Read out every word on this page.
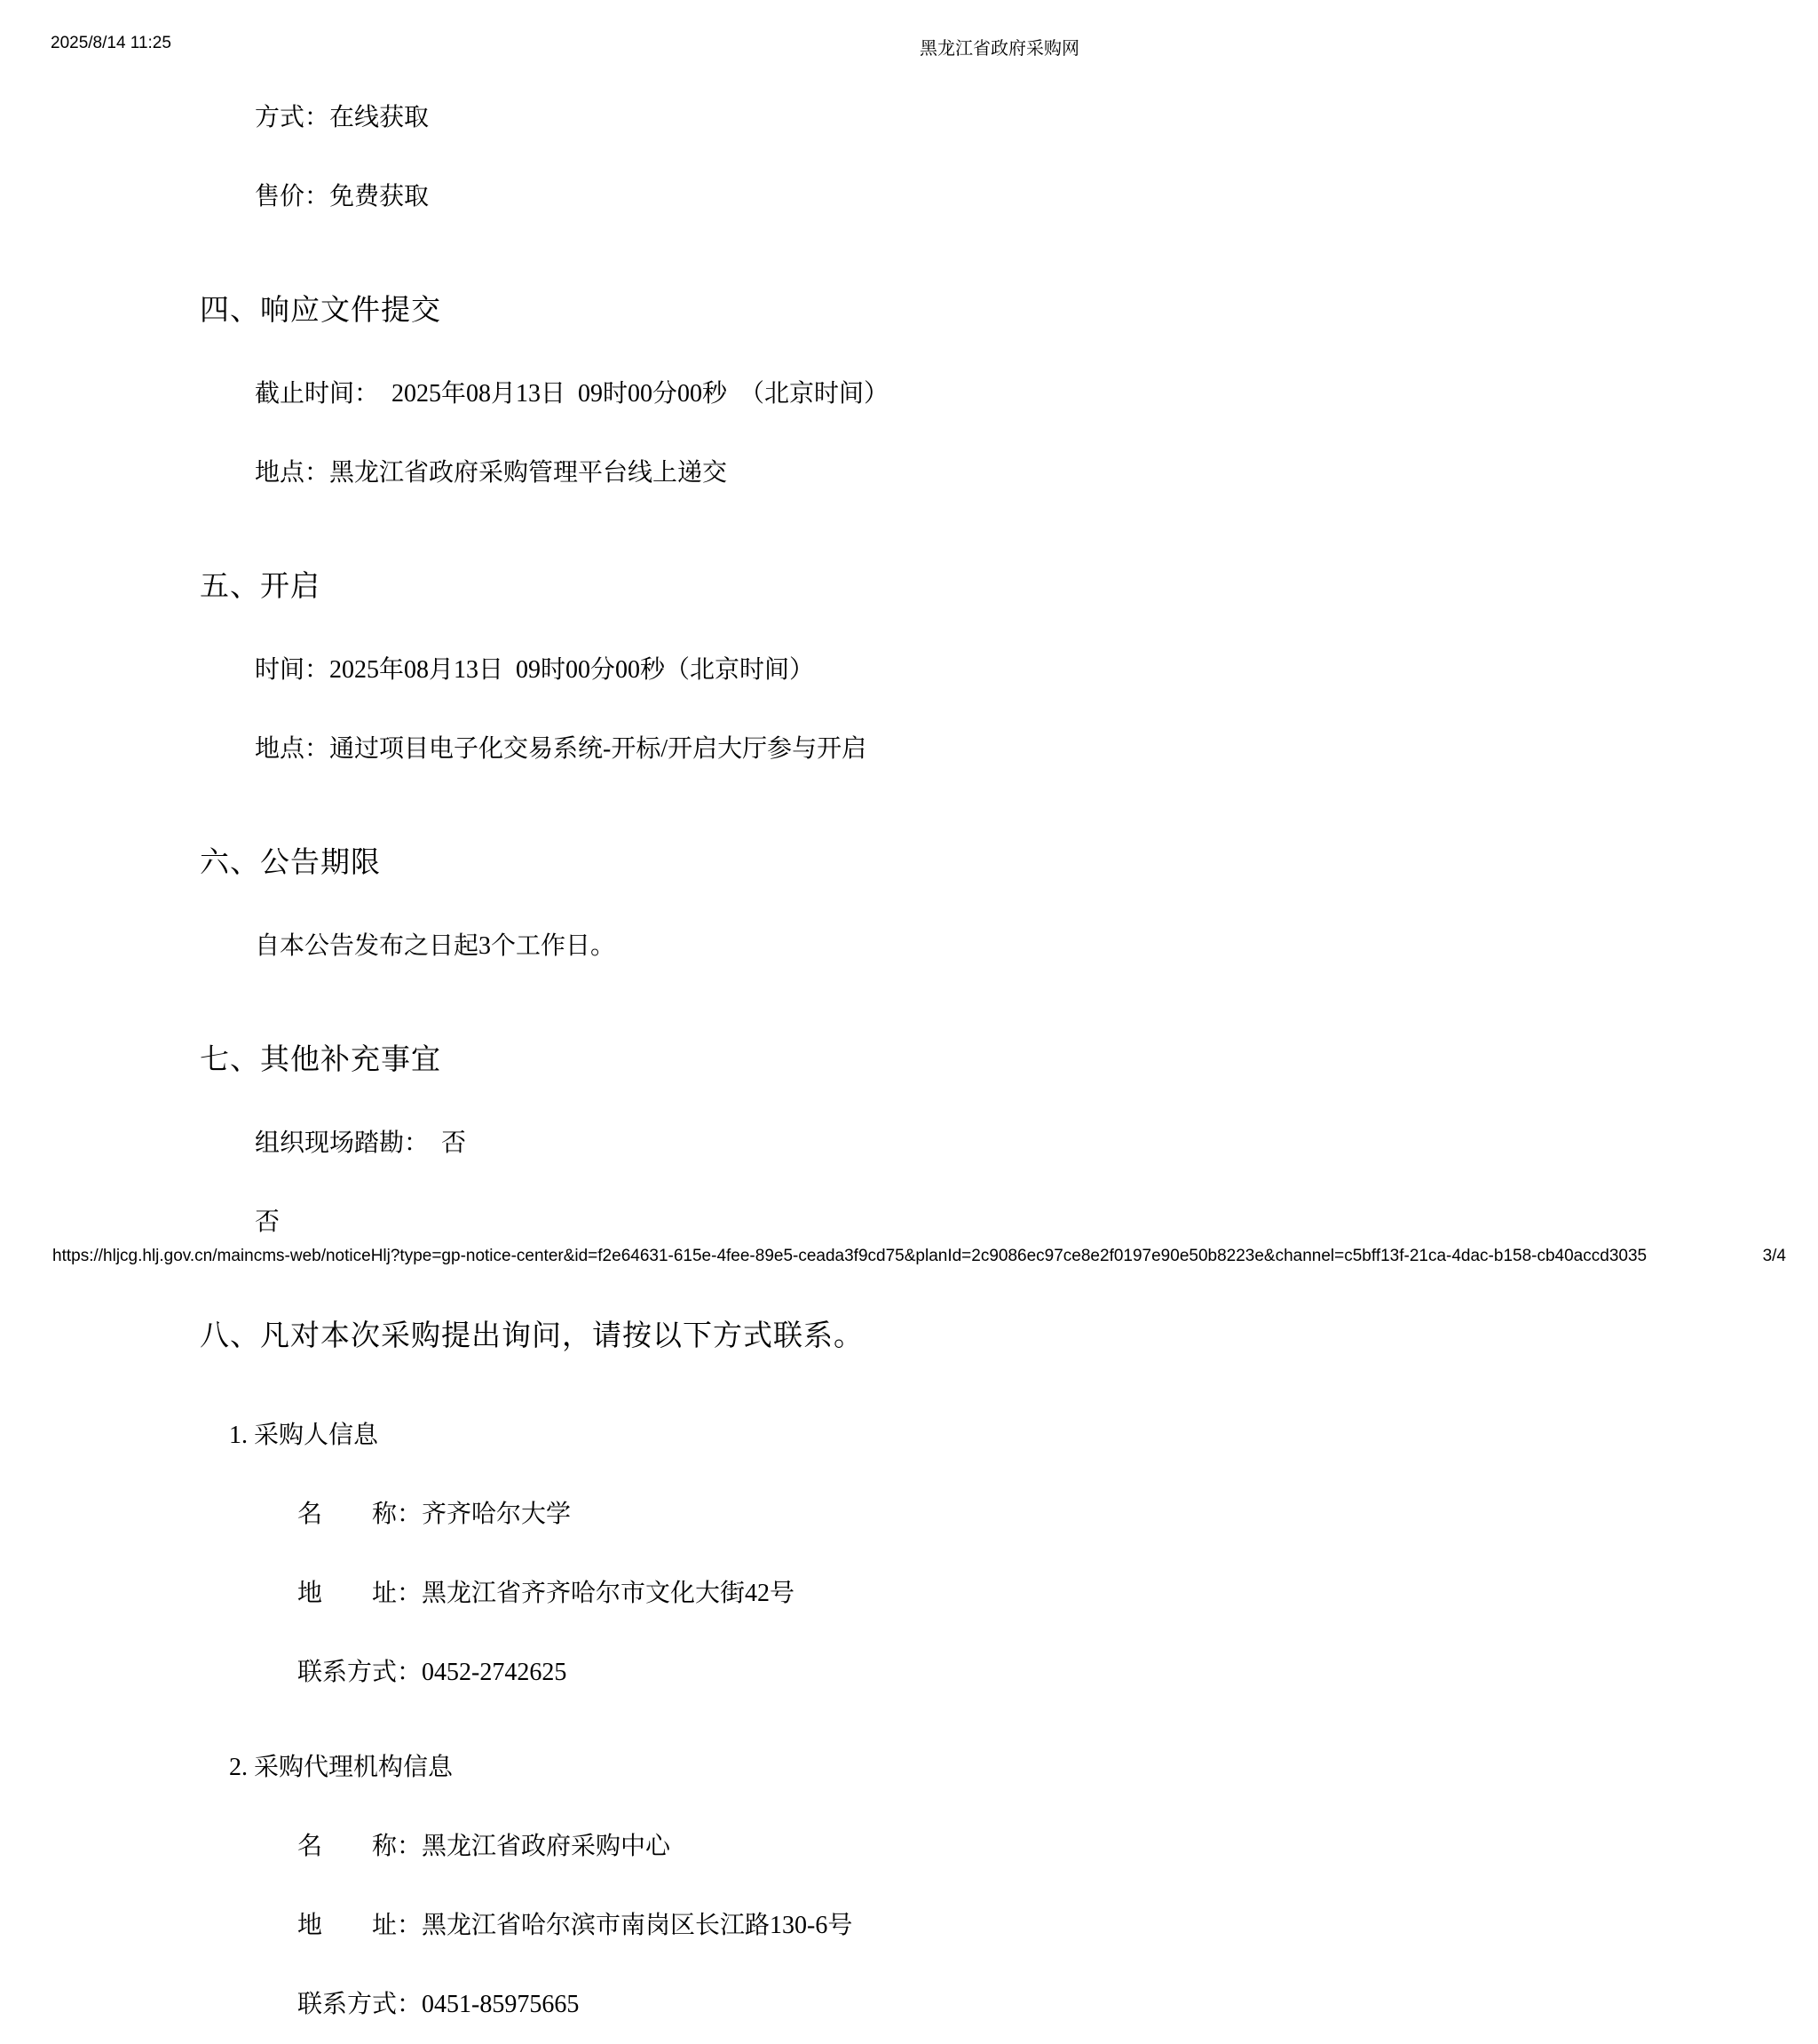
2025/8/14 11:25	黑龙江省政府采购网

方式：在线获取

售价：免费获取

四、响应文件提交

截止时间：　2025年08月13日  09时00分00秒　（北京时间）

地点：黑龙江省政府采购管理平台线上递交

五、开启

时间：2025年08月13日  09时00分00秒（北京时间）

地点：通过项目电子化交易系统-开标/开启大厅参与开启

六、公告期限

自本公告发布之日起3个工作日。

七、其他补充事宜

组织现场踏勘：　否

否

八、凡对本次采购提出询问，请按以下方式联系。

1. 采购人信息

名　　称：齐齐哈尔大学

地　　址：黑龙江省齐齐哈尔市文化大街42号

联系方式：0452-2742625

2. 采购代理机构信息

名　　称：黑龙江省政府采购中心

地　　址：黑龙江省哈尔滨市南岗区长江路130-6号

联系方式：0451-85975665

https://hljcg.hlj.gov.cn/maincms-web/noticeHlj?type=gp-notice-center&id=f2e64631-615e-4fee-89e5-ceada3f9cd75&planId=2c9086ec97ce8e2f0197e90e50b8223e&channel=c5bff13f-21ca-4dac-b158-cb40accd3035	3/4
